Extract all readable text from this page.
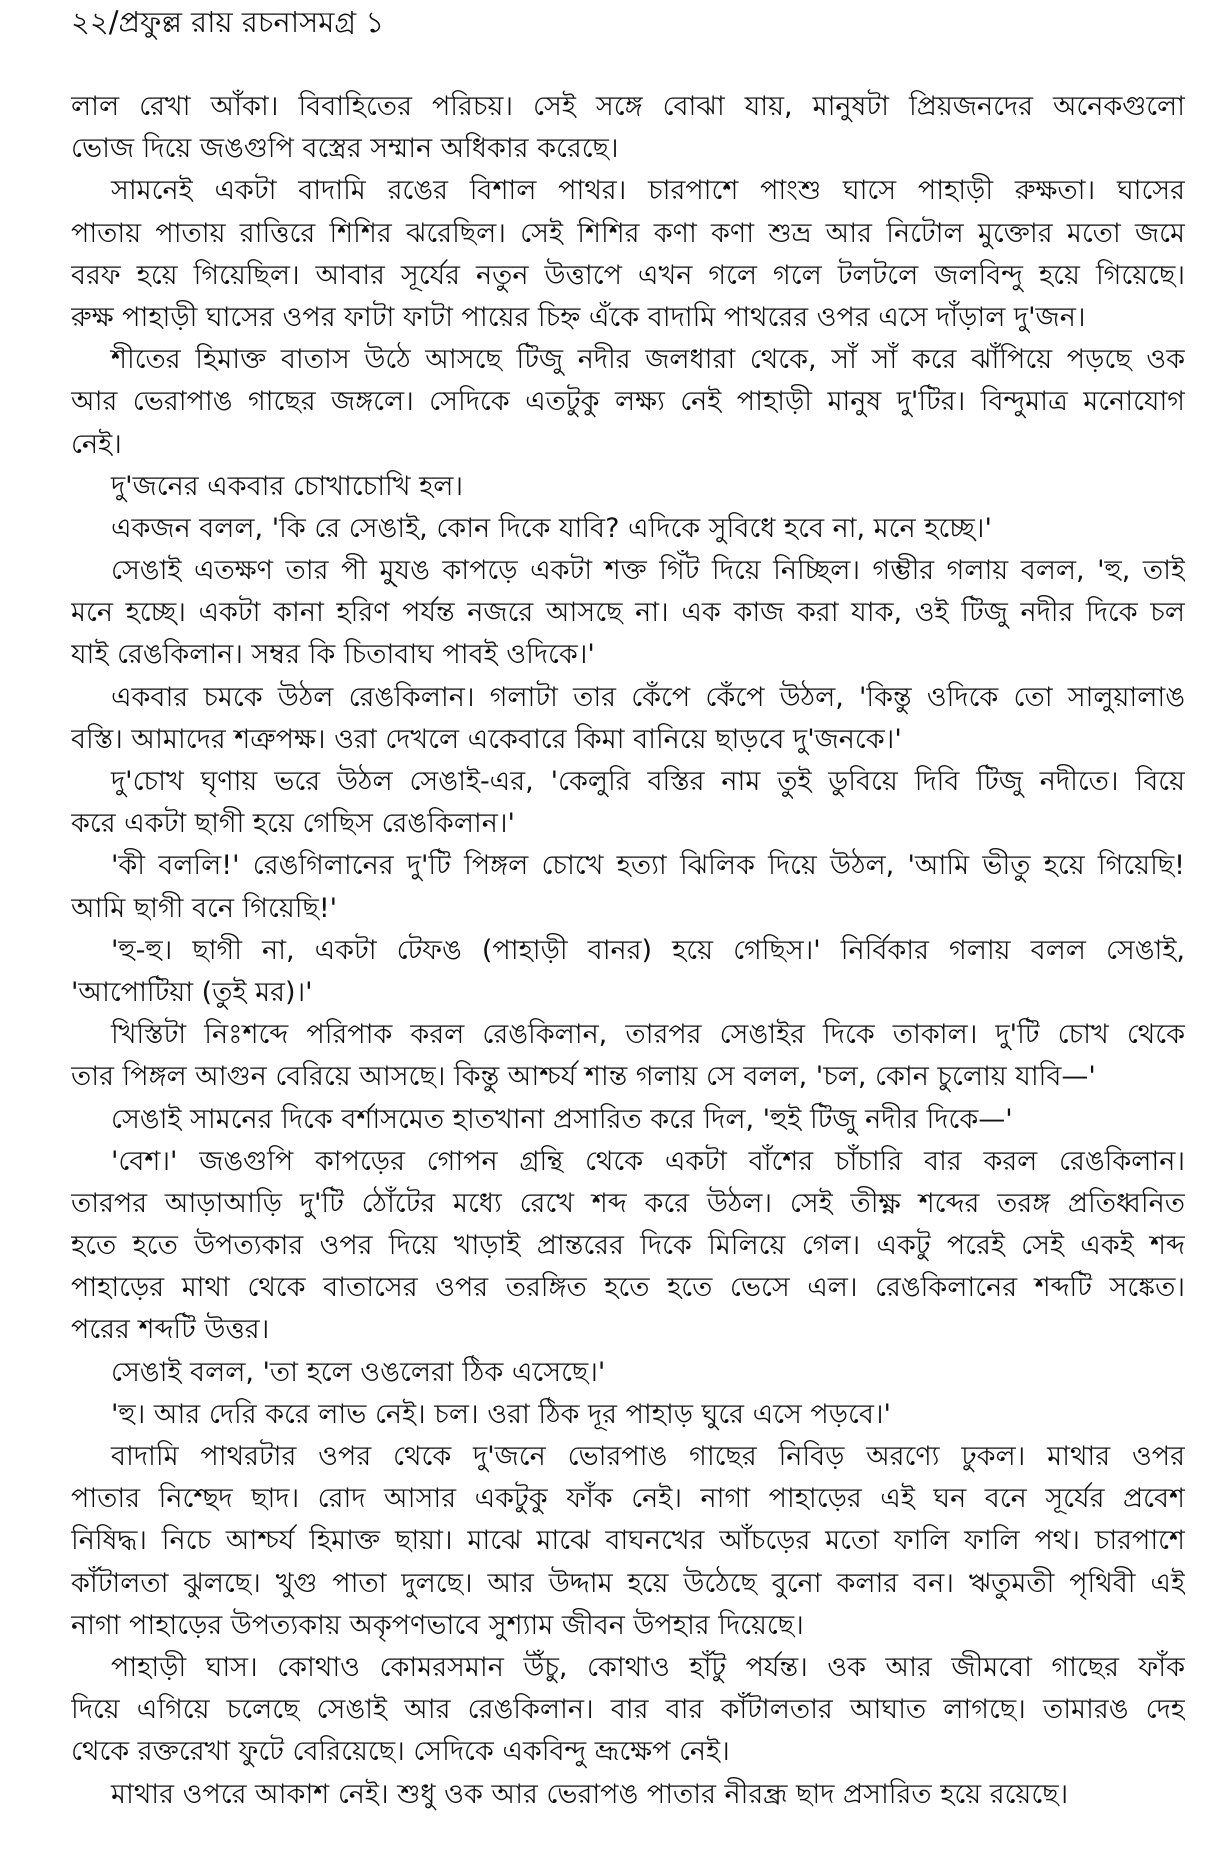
২২/প্রফুল্ল রায় রচনাসমগ্র ১
লাল রেখা আঁকা। বিবাহিতের পরিচয়। সেই সঙ্গে বোঝা যায়, মানুষটা প্রিয়জনদের অনেকগুলো
ভোজ দিয়ে জঙগুপি বস্ত্রের সম্মান অধিকার করেছে।
সামনেই একটা বাদামি রঙের বিশাল পাথর। চারপাশে পাংশু ঘাসে পাহাড়ী রুক্ষতা। ঘাসের
পাতায় পাতায় রাত্তিরে শিশির ঝরেছিল। সেই শিশির কণা কণা শুভ্র আর নিটোল মুক্তোর মতো জমে
বরফ হয়ে গিয়েছিল। আবার সূর্যের নতুন উত্তাপে এখন গলে গলে টলটলে জলবিন্দু হয়ে গিয়েছে।
রুক্ষ পাহাড়ী ঘাসের ওপর ফাটা ফাটা পায়ের চিহ্ন এঁকে বাদামি পাথরের ওপর এসে দাঁড়াল দু'জন।
শীতের হিমাক্ত বাতাস উঠে আসছে টিজু নদীর জলধারা থেকে, সাঁ সাঁ করে ঝাঁপিয়ে পড়ছে ওক
আর ভেরাপাঙ গাছের জঙ্গলে। সেদিকে এতটুকু লক্ষ্য নেই পাহাড়ী মানুষ দু'টির। বিন্দুমাত্র মনোযোগ
নেই।
দু'জনের একবার চোখাচোখি হল।
একজন বলল, 'কি রে সেঙাই, কোন দিকে যাবি? এদিকে সুবিধে হবে না, মনে হচ্ছে।'
সেঙাই এতক্ষণ তার পী মু্যঙ কাপড়ে একটা শক্ত গিঁট দিয়ে নিচ্ছিল। গম্ভীর গলায় বলল, 'হু, তাই
মনে হচ্ছে। একটা কানা হরিণ পর্যন্ত নজরে আসছে না। এক কাজ করা যাক, ওই টিজু নদীর দিকে চল
যাই রেঙকিলান। সম্বর কি চিতাবাঘ পাবই ওদিকে।'
একবার চমকে উঠল রেঙকিলান। গলাটা তার কেঁপে কেঁপে উঠল, 'কিন্তু ওদিকে তো সালুয়ালাঙ
বস্তি। আমাদের শত্রুপক্ষ। ওরা দেখলে একেবারে কিমা বানিয়ে ছাড়বে দু'জনকে।'
দু'চোখ ঘৃণায় ভরে উঠল সেঙাই-এর, 'কেলুরি বস্তির নাম তুই ডুবিয়ে দিবি টিজু নদীতে। বিয়ে
করে একটা ছাগী হয়ে গেছিস রেঙকিলান।'
'কী বললি!' রেঙগিলানের দু'টি পিঙ্গল চোখে হত্যা ঝিলিক দিয়ে উঠল, 'আমি ভীতু হয়ে গিয়েছি!
আমি ছাগী বনে গিয়েছি!'
'হু-হু। ছাগী না, একটা টেফঙ (পাহাড়ী বানর) হয়ে গেছিস।' নির্বিকার গলায় বলল সেঙাই,
'আপোটিয়া (তুই মর)।'
খিস্তিটা নিঃশব্দে পরিপাক করল রেঙকিলান, তারপর সেঙাইর দিকে তাকাল। দু'টি চোখ থেকে
তার পিঙ্গল আগুন বেরিয়ে আসছে। কিন্তু আশ্চর্য শান্ত গলায় সে বলল, 'চল, কোন চুলোয় যাবি—'
সেঙাই সামনের দিকে বর্শাসমেত হাতখানা প্রসারিত করে দিল, 'হুই টিজু নদীর দিকে—'
'বেশ।' জঙগুপি কাপড়ের গোপন গ্রন্থি থেকে একটা বাঁশের চাঁচারি বার করল রেঙকিলান।
তারপর আড়াআড়ি দু'টি ঠোঁটের মধ্যে রেখে শব্দ করে উঠল। সেই তীক্ষ্ণ শব্দের তরঙ্গ প্রতিধ্বনিত
হতে হতে উপত্যকার ওপর দিয়ে খাড়াই প্রান্তরের দিকে মিলিয়ে গেল। একটু পরেই সেই একই শব্দ
পাহাড়ের মাথা থেকে বাতাসের ওপর তরঙ্গিত হতে হতে ভেসে এল। রেঙকিলানের শব্দটি সঙ্কেত।
পরের শব্দটি উত্তর।
সেঙাই বলল, 'তা হলে ওঙলেরা ঠিক এসেছে।'
'হু। আর দেরি করে লাভ নেই। চল। ওরা ঠিক দূর পাহাড় ঘুরে এসে পড়বে।'
বাদামি পাথরটার ওপর থেকে দু'জনে ভোরপাঙ গাছের নিবিড় অরণ্যে ঢুকল। মাথার ওপর
পাতার নিশ্ছেদ ছাদ। রোদ আসার একটুকু ফাঁক নেই। নাগা পাহাড়ের এই ঘন বনে সূর্যের প্রবেশ
নিষিদ্ধ। নিচে আশ্চর্য হিমাক্ত ছায়া। মাঝে মাঝে বাঘনখের আঁচড়ের মতো ফালি ফালি পথ। চারপাশে
কাঁটালতা ঝুলছে। খুগু পাতা দুলছে। আর উদ্দাম হয়ে উঠেছে বুনো কলার বন। ঋতুমতী পৃথিবী এই
নাগা পাহাড়ের উপত্যকায় অকৃপণভাবে সুশ্যাম জীবন উপহার দিয়েছে।
পাহাড়ী ঘাস। কোথাও কোমরসমান উঁচু, কোথাও হাঁটু পর্যন্ত। ওক আর জীমবো গাছের ফাঁক
দিয়ে এগিয়ে চলেছে সেঙাই আর রেঙকিলান। বার বার কাঁটালতার আঘাত লাগছে। তামারঙ দেহ
থেকে রক্তরেখা ফুটে বেরিয়েছে। সেদিকে একবিন্দু ভ্রূক্ষেপ নেই।
মাথার ওপরে আকাশ নেই। শুধু ওক আর ভেরাপঙ পাতার নীরন্ধ্র ছাদ প্রসারিত হয়ে রয়েছে।
